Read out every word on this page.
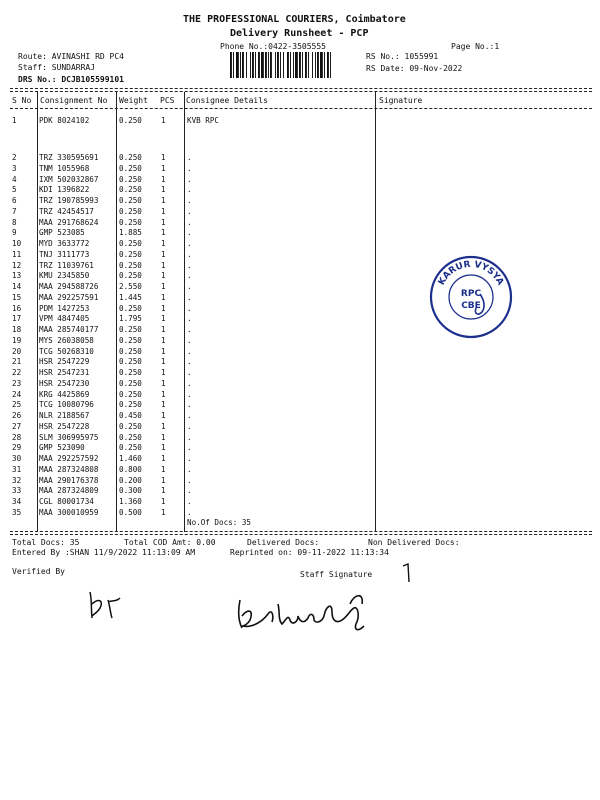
THE PROFESSIONAL COURIERS, Coimbatore
Delivery Runsheet - PCP
Phone No.:0422-3505555	Page No.:1
Route: AVINASHI RD PC4
Staff: SUNDARRAJ
DRS No.: DCJB105599101
RS No.: 1055991
RS Date: 09-Nov-2022
S No Consignment No Weight PCS Consignee Details	Signature
1	PDK 8024102	0.250	1	KVB RPC
2	TRZ 330595691	0.250	1	.
3	TNM 1055968	0.250	1	.
4	IXM 502032867	0.250	1	.
5	KDI 1396822	0.250	1	.
6	TRZ 190785993	0.250	1	.
7	TRZ 42454517	0.250	1	.
8	MAA 291768624	0.250	1	.
9	GMP 523085	1.885	1	.
10 MYD 3633772	0.250	1	.
11 TNJ 3111773	0.250	1	.
12 TRZ 11039761	0.250	1	.
13 KMU 2345850	0.250	1	.
14 MAA 294588726	2.550	1	.
15 MAA 292257591	1.445	1	.
16 PDM 1427253	0.250	1	.
17 VPM 4847405	1.795	1	.
18 MAA 285740177	0.250	1	.
19 MYS 26038058	0.250	1	.
20 TCG 50268310	0.250	1	.
21 HSR 2547229	0.250	1	.
22 HSR 2547231	0.250	1	.
23 HSR 2547230	0.250	1	.
24 KRG 4425869	0.250	1	.
25 TCG 10080796	0.250	1	.
26 NLR 2188567	0.450	1	.
27 HSR 2547228	0.250	1	.
28 SLM 306995975	0.250	1	.
29 GMP 523090	0.250	1	.
30 MAA 292257592	1.460	1	.
31 MAA 287324808	0.800	1	.
32 MAA 290176378	0.200	1	.
33 MAA 287324809	0.300	1	.
34 CGL 80001734	1.360	1	.
35 MAA 300010959	0.500	1	.
No.Of Docs: 35
Total Docs: 35	Total COD Amt: 0.00	Delivered Docs:	Non Delivered Docs:
Entered By :SHAN 11/9/2022 11:13:09 AM	Reprinted on: 09-11-2022 11:13:34
Verified By	Staff Signature
KARUR VYSYA
RPC
CBE
